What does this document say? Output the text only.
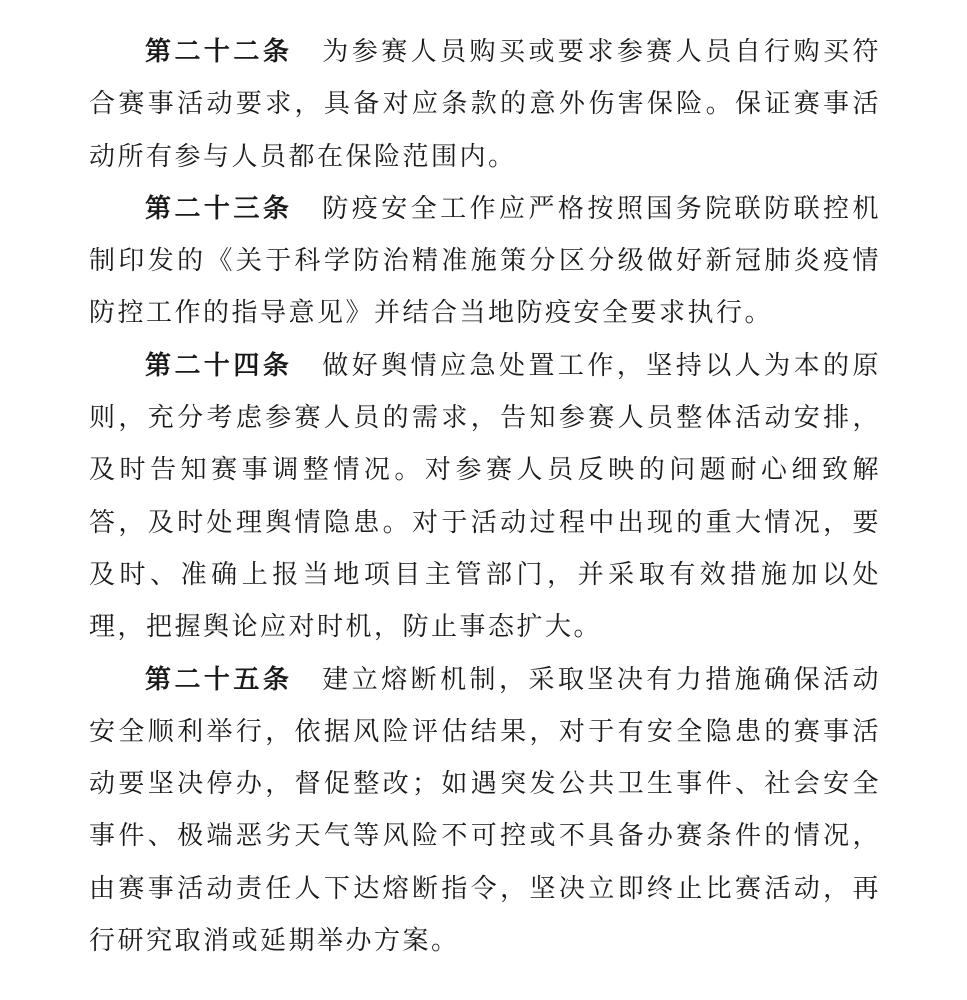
第二十二条 为参赛人员购买或要求参赛人员自行购买符合赛事活动要求，具备对应条款的意外伤害保险。保证赛事活动所有参与人员都在保险范围内。

第二十三条 防疫安全工作应严格按照国务院联防联控机制印发的《关于科学防治精准施策分区分级做好新冠肺炎疫情防控工作的指导意见》并结合当地防疫安全要求执行。

第二十四条 做好舆情应急处置工作，坚持以人为本的原则，充分考虑参赛人员的需求，告知参赛人员整体活动安排，及时告知赛事调整情况。对参赛人员反映的问题耐心细致解答，及时处理舆情隐患。对于活动过程中出现的重大情况，要及时、准确上报当地项目主管部门，并采取有效措施加以处理，把握舆论应对时机，防止事态扩大。

第二十五条 建立熔断机制，采取坚决有力措施确保活动安全顺利举行，依据风险评估结果，对于有安全隐患的赛事活动要坚决停办，督促整改；如遇突发公共卫生事件、社会安全事件、极端恶劣天气等风险不可控或不具备办赛条件的情况，由赛事活动责任人下达熔断指令，坚决立即终止比赛活动，再行研究取消或延期举办方案。
